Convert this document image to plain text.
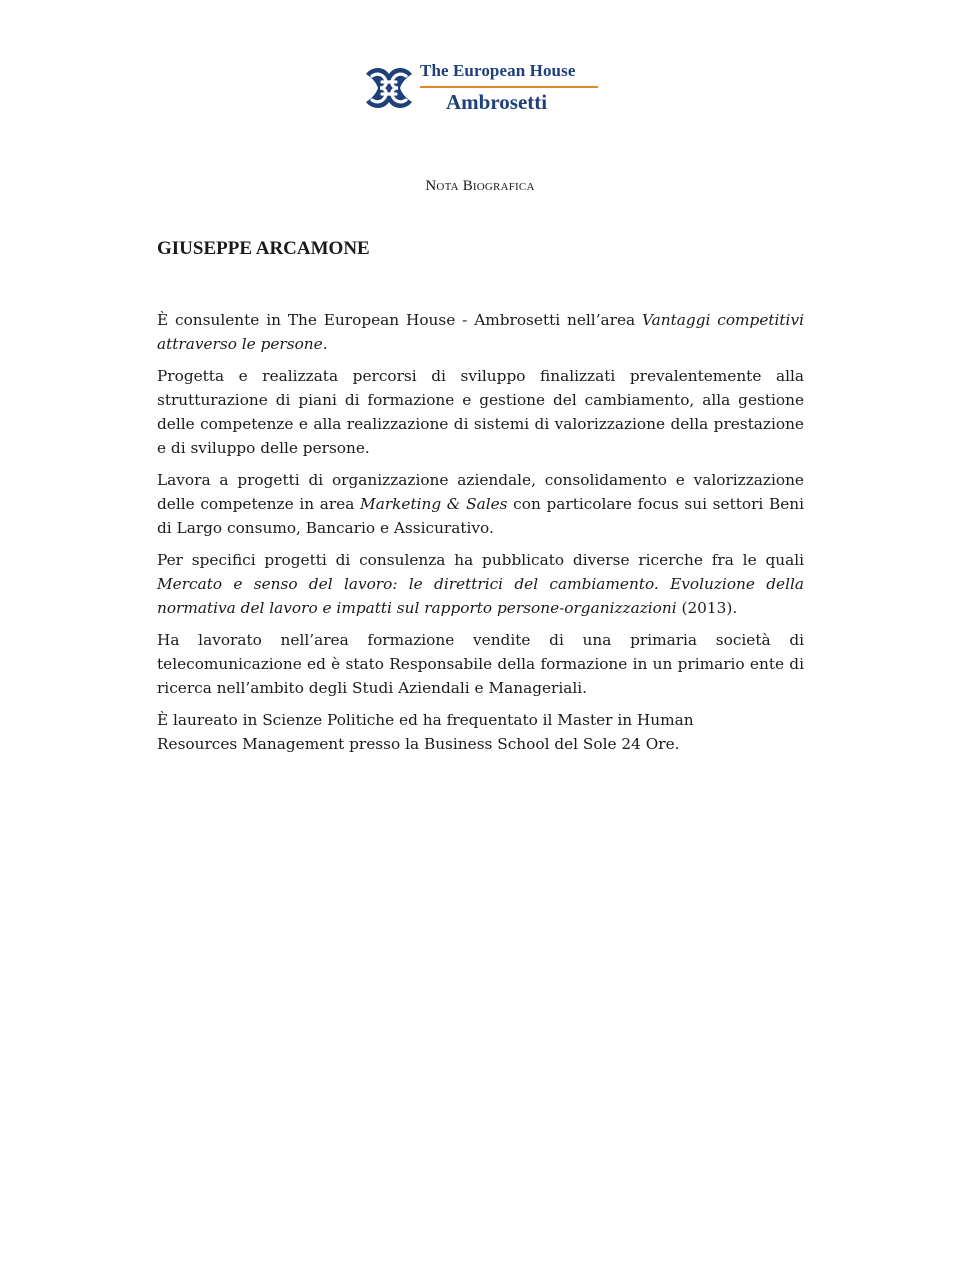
The European House
Ambrosetti
Nota Biografica
GIUSEPPE ARCAMONE

È consulente in The European House - Ambrosetti nell’area Vantaggi competitivi attraverso le persone.

Progetta e realizzata percorsi di sviluppo finalizzati prevalentemente alla strutturazione di piani di formazione e gestione del cambiamento, alla gestione delle competenze e alla realizzazione di sistemi di valorizzazione della prestazione e di sviluppo delle persone.

Lavora a progetti di organizzazione aziendale, consolidamento e valorizzazione delle competenze in area Marketing & Sales con particolare focus sui settori Beni di Largo consumo, Bancario e Assicurativo.

Per specifici progetti di consulenza ha pubblicato diverse ricerche fra le quali Mercato e senso del lavoro: le direttrici del cambiamento. Evoluzione della normativa del lavoro e impatti sul rapporto persone-organizzazioni (2013).

Ha lavorato nell’area formazione vendite di una primaria società di telecomunicazione ed è stato Responsabile della formazione in un primario ente di ricerca nell’ambito degli Studi Aziendali e Manageriali.

È laureato in Scienze Politiche ed ha frequentato il Master in Human Resources Management presso la Business School del Sole 24 Ore.
